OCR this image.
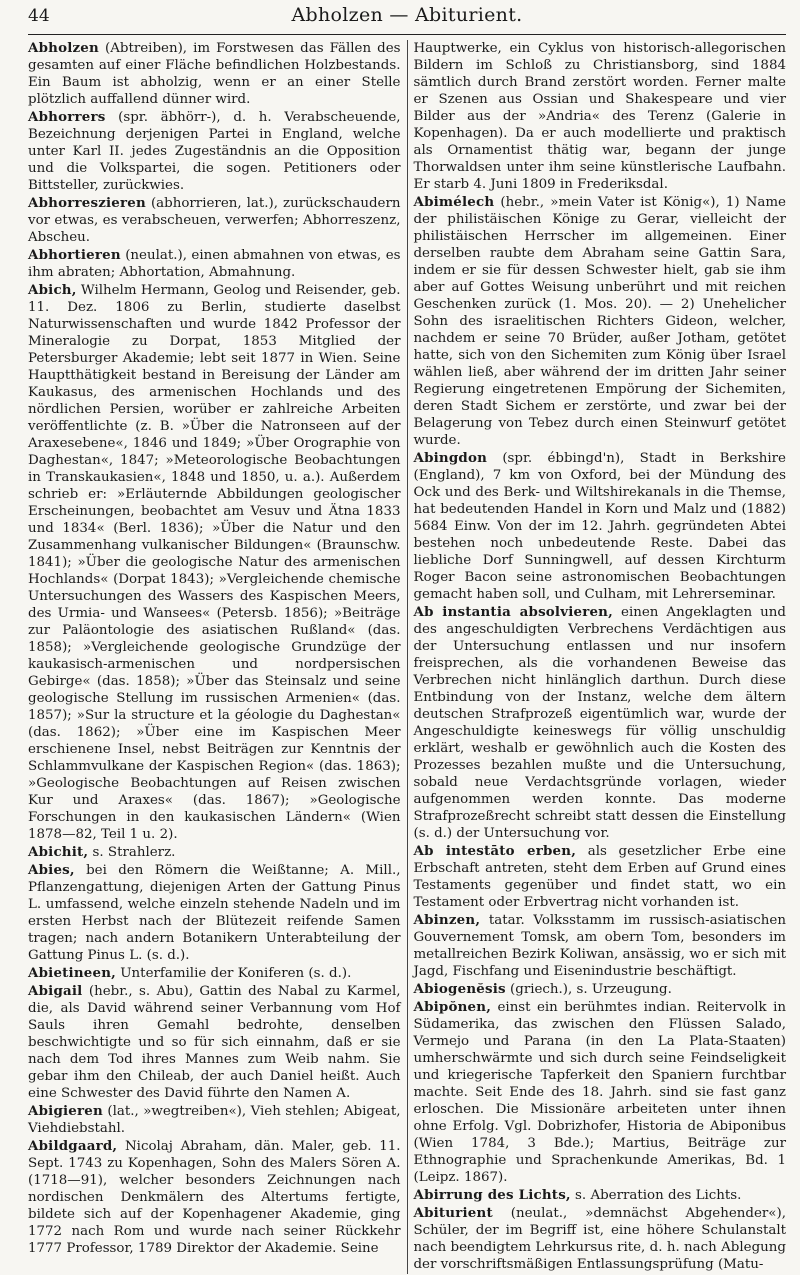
44	Abholzen — Abiturient.

Abholzen (Abtreiben), im Forstwesen das Fällen des gesamten auf einer Fläche befindlichen Holzbestands. Ein Baum ist abholzig, wenn er an einer Stelle plötzlich auffallend dünner wird.

Abhorrers (spr. äbhörr-), d. h. Verabscheuende, Bezeichnung derjenigen Partei in England, welche unter Karl II. jedes Zugeständnis an die Opposition und die Volkspartei, die sogen. Petitioners oder Bittsteller, zurückwies.

Abhorreszieren (abhorrieren, lat.), zurückschaudern vor etwas, es verabscheuen, verwerfen; Abhorreszenz, Abscheu.

Abhortieren (neulat.), einen abmahnen von etwas, es ihm abraten; Abhortation, Abmahnung.

Abich, Wilhelm Hermann, Geolog und Reisender, geb. 11. Dez. 1806 zu Berlin, studierte daselbst Naturwissenschaften und wurde 1842 Professor der Mineralogie zu Dorpat, 1853 Mitglied der Petersburger Akademie; lebt seit 1877 in Wien. Seine Hauptthätigkeit bestand in Bereisung der Länder am Kaukasus, des armenischen Hochlands und des nördlichen Persien, worüber er zahlreiche Arbeiten veröffentlichte (z. B. »Über die Natronseen auf der Araxesebene«, 1846 und 1849; »Über Orographie von Daghestan«, 1847; »Meteorologische Beobachtungen in Transkaukasien«, 1848 und 1850, u. a.). Außerdem schrieb er: »Erläuternde Abbildungen geologischer Erscheinungen, beobachtet am Vesuv und Ätna 1833 und 1834« (Berl. 1836); »Über die Natur und den Zusammenhang vulkanischer Bildungen« (Braunschw. 1841); »Über die geologische Natur des armenischen Hochlands« (Dorpat 1843); »Vergleichende chemische Untersuchungen des Wassers des Kaspischen Meers, des Urmia- und Wansees« (Petersb. 1856); »Beiträge zur Paläontologie des asiatischen Rußland« (das. 1858); »Vergleichende geologische Grundzüge der kaukasisch-armenischen und nordpersischen Gebirge« (das. 1858); »Über das Steinsalz und seine geologische Stellung im russischen Armenien« (das. 1857); »Sur la structure et la géologie du Daghestan« (das. 1862); »Über eine im Kaspischen Meer erschienene Insel, nebst Beiträgen zur Kenntnis der Schlammvulkane der Kaspischen Region« (das. 1863); »Geologische Beobachtungen auf Reisen zwischen Kur und Araxes« (das. 1867); »Geologische Forschungen in den kaukasischen Ländern« (Wien 1878—82, Teil 1 u. 2).

Abichit, s. Strahlerz.

Abies, bei den Römern die Weißtanne; A. Mill., Pflanzengattung, diejenigen Arten der Gattung Pinus L. umfassend, welche einzeln stehende Nadeln und im ersten Herbst nach der Blütezeit reifende Samen tragen; nach andern Botanikern Unterabteilung der Gattung Pinus L. (s. d.).

Abietineen, Unterfamilie der Koniferen (s. d.).

Abigail (hebr., s. Abu), Gattin des Nabal zu Karmel, die, als David während seiner Verbannung vom Hof Sauls ihren Gemahl bedrohte, denselben beschwichtigte und so für sich einnahm, daß er sie nach dem Tod ihres Mannes zum Weib nahm. Sie gebar ihm den Chileab, der auch Daniel heißt. Auch eine Schwester des David führte den Namen A.

Abigieren (lat., »wegtreiben«), Vieh stehlen; Abigeat, Viehdiebstahl.

Abildgaard, Nicolaj Abraham, dän. Maler, geb. 11. Sept. 1743 zu Kopenhagen, Sohn des Malers Sören A. (1718—91), welcher besonders Zeichnungen nach nordischen Denkmälern des Altertums fertigte, bildete sich auf der Kopenhagener Akademie, ging 1772 nach Rom und wurde nach seiner Rückkehr 1777 Professor, 1789 Direktor der Akademie. Seine

Hauptwerke, ein Cyklus von historisch-allegorischen Bildern im Schloß zu Christiansborg, sind 1884 sämtlich durch Brand zerstört worden. Ferner malte er Szenen aus Ossian und Shakespeare und vier Bilder aus der »Andria« des Terenz (Galerie in Kopenhagen). Da er auch modellierte und praktisch als Ornamentist thätig war, begann der junge Thorwaldsen unter ihm seine künstlerische Laufbahn. Er starb 4. Juni 1809 in Frederiksdal.

Abimélech (hebr., »mein Vater ist König«), 1) Name der philistäischen Könige zu Gerar, vielleicht der philistäischen Herrscher im allgemeinen. Einer derselben raubte dem Abraham seine Gattin Sara, indem er sie für dessen Schwester hielt, gab sie ihm aber auf Gottes Weisung unberührt und mit reichen Geschenken zurück (1. Mos. 20). — 2) Unehelicher Sohn des israelitischen Richters Gideon, welcher, nachdem er seine 70 Brüder, außer Jotham, getötet hatte, sich von den Sichemiten zum König über Israel wählen ließ, aber während der im dritten Jahr seiner Regierung eingetretenen Empörung der Sichemiten, deren Stadt Sichem er zerstörte, und zwar bei der Belagerung von Tebez durch einen Steinwurf getötet wurde.

Abingdon (spr. ébbingd'n), Stadt in Berkshire (England), 7 km von Oxford, bei der Mündung des Ock und des Berk- und Wiltshirekanals in die Themse, hat bedeutenden Handel in Korn und Malz und (1882) 5684 Einw. Von der im 12. Jahrh. gegründeten Abtei bestehen noch unbedeutende Reste. Dabei das liebliche Dorf Sunningwell, auf dessen Kirchturm Roger Bacon seine astronomischen Beobachtungen gemacht haben soll, und Culham, mit Lehrerseminar.

Ab instantia absolvieren, einen Angeklagten und des angeschuldigten Verbrechens Verdächtigen aus der Untersuchung entlassen und nur insofern freisprechen, als die vorhandenen Beweise das Verbrechen nicht hinlänglich darthun. Durch diese Entbindung von der Instanz, welche dem ältern deutschen Strafprozeß eigentümlich war, wurde der Angeschuldigte keineswegs für völlig unschuldig erklärt, weshalb er gewöhnlich auch die Kosten des Prozesses bezahlen mußte und die Untersuchung, sobald neue Verdachtsgründe vorlagen, wieder aufgenommen werden konnte. Das moderne Strafprozeßrecht schreibt statt dessen die Einstellung (s. d.) der Untersuchung vor.

Ab intestāto erben, als gesetzlicher Erbe eine Erbschaft antreten, steht dem Erben auf Grund eines Testaments gegenüber und findet statt, wo ein Testament oder Erbvertrag nicht vorhanden ist.

Abinzen, tatar. Volksstamm im russisch-asiatischen Gouvernement Tomsk, am obern Tom, besonders im metallreichen Bezirk Koliwan, ansässig, wo er sich mit Jagd, Fischfang und Eisenindustrie beschäftigt.

Abiogenĕsis (griech.), s. Urzeugung.

Abipŏnen, einst ein berühmtes indian. Reitervolk in Südamerika, das zwischen den Flüssen Salado, Vermejo und Parana (in den La Plata-Staaten) umherschwärmte und sich durch seine Feindseligkeit und kriegerische Tapferkeit den Spaniern furchtbar machte. Seit Ende des 18. Jahrh. sind sie fast ganz erloschen. Die Missionäre arbeiteten unter ihnen ohne Erfolg. Vgl. Dobrizhofer, Historia de Abiponibus (Wien 1784, 3 Bde.); Martius, Beiträge zur Ethnographie und Sprachenkunde Amerikas, Bd. 1 (Leipz. 1867).

Abirrung des Lichts, s. Aberration des Lichts.

Abiturient (neulat., »demnächst Abgehender«), Schüler, der im Begriff ist, eine höhere Schulanstalt nach beendigtem Lehrkursus rite, d. h. nach Ablegung der vorschriftsmäßigen Entlassungsprüfung (Matu-
